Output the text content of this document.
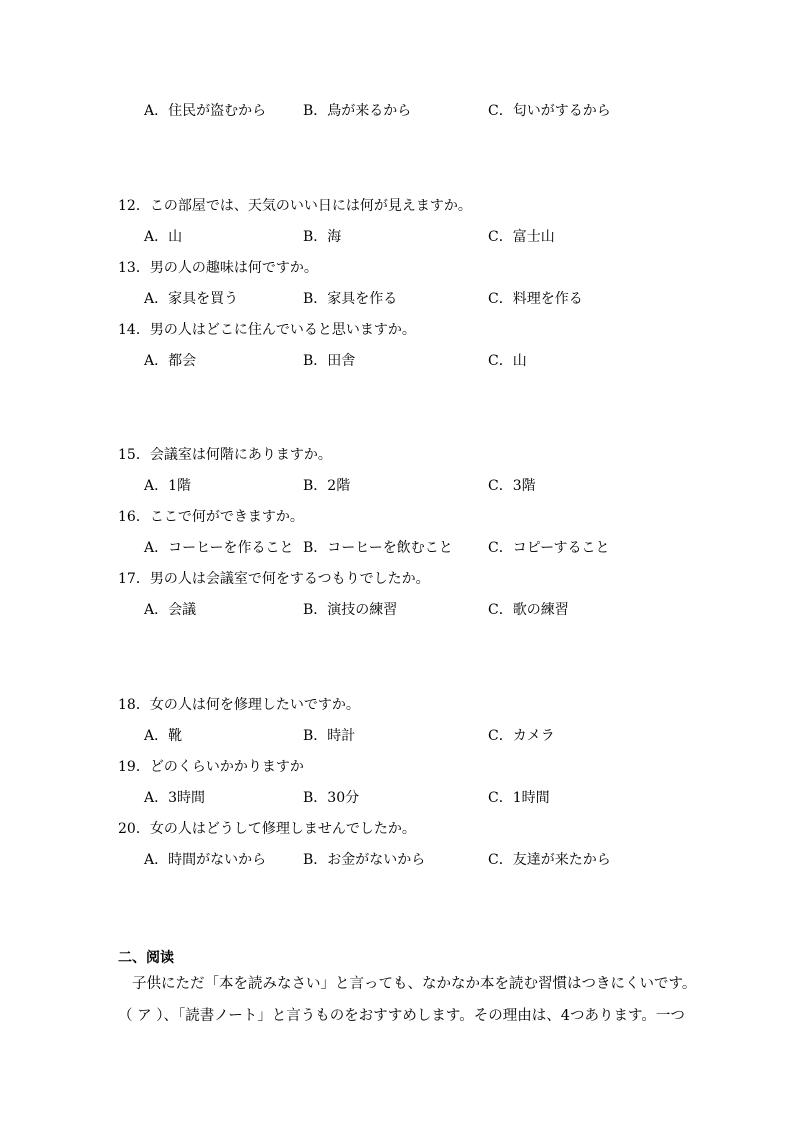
A．住民が盗むから	B．鳥が来るから	C．匂いがするから
12．この部屋では、天気のいい日には何が見えますか。
A．山	B．海	C．富士山
13．男の人の趣味は何ですか。
A．家具を買う	B．家具を作る	C．料理を作る
14．男の人はどこに住んでいると思いますか。
A．都会	B．田舎	C．山
15．会議室は何階にありますか。
A．1階	B．2階	C．3階
16．ここで何ができますか。
A．コーヒーを作ること B．コーヒーを飲むこと	C．コピーすること
17．男の人は会議室で何をするつもりでしたか。
A．会議	B．演技の練習	C．歌の練習
18．女の人は何を修理したいですか。
A．靴	B．時計	C．カメラ
19．どのくらいかかりますか
A．3時間	B．30分	C．1時間
20．女の人はどうして修理しませんでしたか。
A．時間がないから	B．お金がないから	C．友達が来たから
二、阅读
子供にただ「本を読みなさい」と言っても、なかなか本を読む習慣はつきにくいです。
（ ア ）、「読書ノート」と言うものをおすすめします。その理由は、4つあります。一つ
